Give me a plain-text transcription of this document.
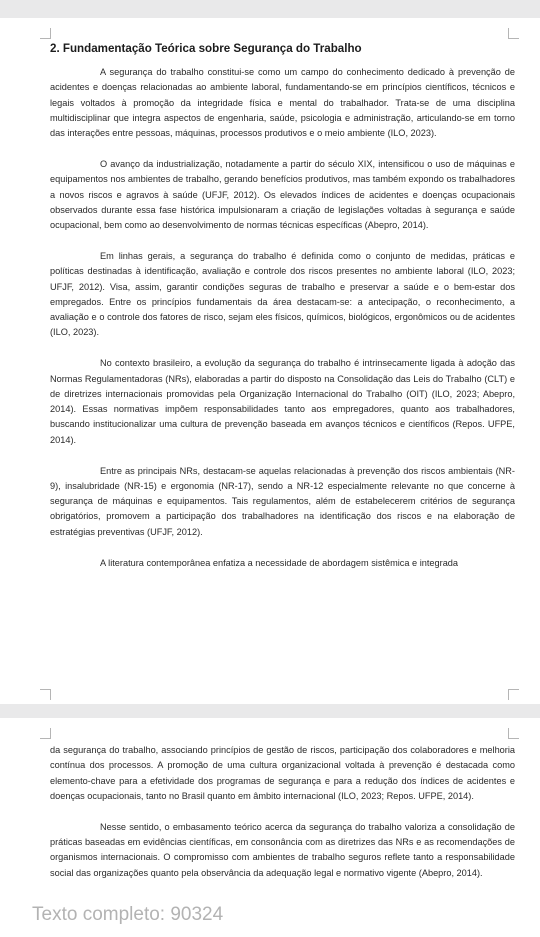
2. Fundamentação Teórica sobre Segurança do Trabalho

A segurança do trabalho constitui-se como um campo do conhecimento dedicado à prevenção de acidentes e doenças relacionadas ao ambiente laboral, fundamentando-se em princípios científicos, técnicos e legais voltados à promoção da integridade física e mental do trabalhador. Trata-se de uma disciplina multidisciplinar que integra aspectos de engenharia, saúde, psicologia e administração, articulando-se em torno das interações entre pessoas, máquinas, processos produtivos e o meio ambiente (ILO, 2023).

O avanço da industrialização, notadamente a partir do século XIX, intensificou o uso de máquinas e equipamentos nos ambientes de trabalho, gerando benefícios produtivos, mas também expondo os trabalhadores a novos riscos e agravos à saúde (UFJF, 2012). Os elevados índices de acidentes e doenças ocupacionais observados durante essa fase histórica impulsionaram a criação de legislações voltadas à segurança e saúde ocupacional, bem como ao desenvolvimento de normas técnicas específicas (Abepro, 2014).

Em linhas gerais, a segurança do trabalho é definida como o conjunto de medidas, práticas e políticas destinadas à identificação, avaliação e controle dos riscos presentes no ambiente laboral (ILO, 2023; UFJF, 2012). Visa, assim, garantir condições seguras de trabalho e preservar a saúde e o bem-estar dos empregados. Entre os princípios fundamentais da área destacam-se: a antecipação, o reconhecimento, a avaliação e o controle dos fatores de risco, sejam eles físicos, químicos, biológicos, ergonômicos ou de acidentes (ILO, 2023).

No contexto brasileiro, a evolução da segurança do trabalho é intrinsecamente ligada à adoção das Normas Regulamentadoras (NRs), elaboradas a partir do disposto na Consolidação das Leis do Trabalho (CLT) e de diretrizes internacionais promovidas pela Organização Internacional do Trabalho (OIT) (ILO, 2023; Abepro, 2014). Essas normativas impõem responsabilidades tanto aos empregadores, quanto aos trabalhadores, buscando institucionalizar uma cultura de prevenção baseada em avanços técnicos e científicos (Repos. UFPE, 2014).

Entre as principais NRs, destacam-se aquelas relacionadas à prevenção dos riscos ambientais (NR-9), insalubridade (NR-15) e ergonomia (NR-17), sendo a NR-12 especialmente relevante no que concerne à segurança de máquinas e equipamentos. Tais regulamentos, além de estabelecerem critérios de segurança obrigatórios, promovem a participação dos trabalhadores na identificação dos riscos e na elaboração de estratégias preventivas (UFJF, 2012).

A literatura contemporânea enfatiza a necessidade de abordagem sistêmica e integrada

da segurança do trabalho, associando princípios de gestão de riscos, participação dos colaboradores e melhoria contínua dos processos. A promoção de uma cultura organizacional voltada à prevenção é destacada como elemento-chave para a efetividade dos programas de segurança e para a redução dos índices de acidentes e doenças ocupacionais, tanto no Brasil quanto em âmbito internacional (ILO, 2023; Repos. UFPE, 2014).

Nesse sentido, o embasamento teórico acerca da segurança do trabalho valoriza a consolidação de práticas baseadas em evidências científicas, em consonância com as diretrizes das NRs e as recomendações de organismos internacionais. O compromisso com ambientes de trabalho seguros reflete tanto a responsabilidade social das organizações quanto pela observância da adequação legal e normativo vigente (Abepro, 2014).

Texto completo: 90324
